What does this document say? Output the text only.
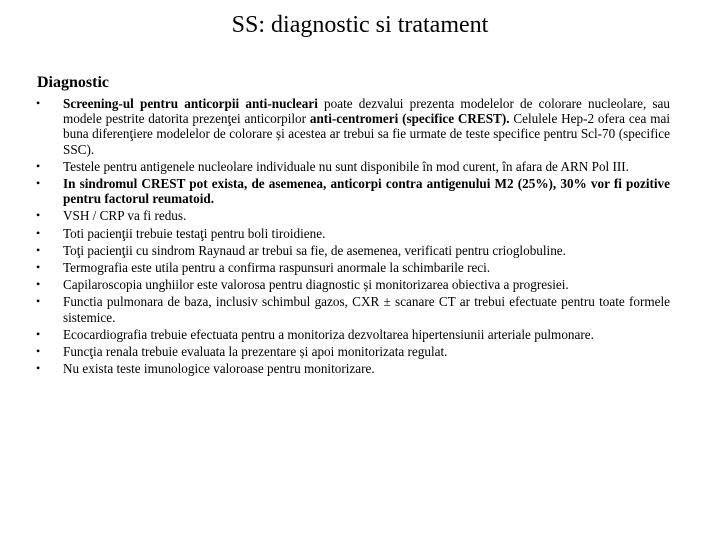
SS: diagnostic si tratament
Diagnostic
• Screening-ul pentru anticorpii anti-nucleari poate dezvalui prezenta modelelor de colorare nucleolare, sau modele pestrite datorita prezenţei anticorpilor anti-centromeri (specifice CREST). Celulele Hep-2 ofera cea mai buna diferenţiere modelelor de colorare și acestea ar trebui sa fie urmate de teste specifice pentru Scl-70 (specifice SSC).
• Testele pentru antigenele nucleolare individuale nu sunt disponibile în mod curent, în afara de ARN Pol III.
• In sindromul CREST pot exista, de asemenea, anticorpi contra antigenului M2 (25%), 30% vor fi pozitive pentru factorul reumatoid.
• VSH / CRP va fi redus.
• Toti pacienţii trebuie testaţi pentru boli tiroidiene.
• Toţi pacienţii cu sindrom Raynaud ar trebui sa fie, de asemenea, verificati pentru crioglobuline.
• Termografia este utila pentru a confirma raspunsuri anormale la schimbarile reci.
• Capilaroscopia unghiilor este valorosa pentru diagnostic și monitorizarea obiectiva a progresiei.
• Functia pulmonara de baza, inclusiv schimbul gazos, CXR ± scanare CT ar trebui efectuate pentru toate formele sistemice.
• Ecocardiografia trebuie efectuata pentru a monitoriza dezvoltarea hipertensiunii arteriale pulmonare.
• Funcţia renala trebuie evaluata la prezentare și apoi monitorizata regulat.
• Nu exista teste imunologice valoroase pentru monitorizare.
